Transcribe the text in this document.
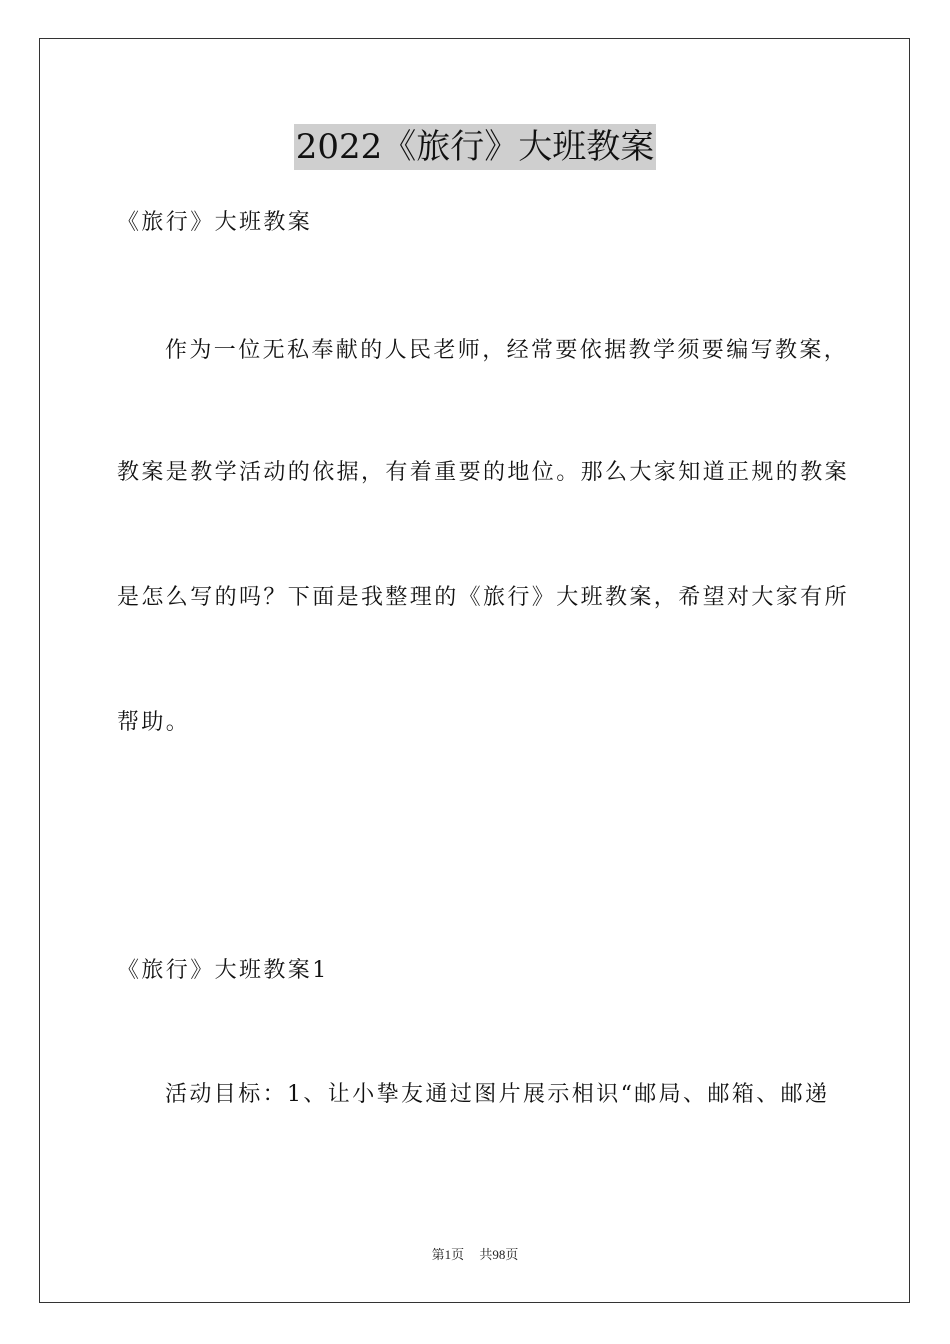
2022《旅行》大班教案
《旅行》大班教案
作为一位无私奉献的人民老师，经常要依据教学须要编写教案，
教案是教学活动的依据，有着重要的地位。那么大家知道正规的教案
是怎么写的吗？下面是我整理的《旅行》大班教案，希望对大家有所
帮助。
《旅行》大班教案1
活动目标：1、让小挚友通过图片展示相识“邮局、邮箱、邮递
第1页 共98页
